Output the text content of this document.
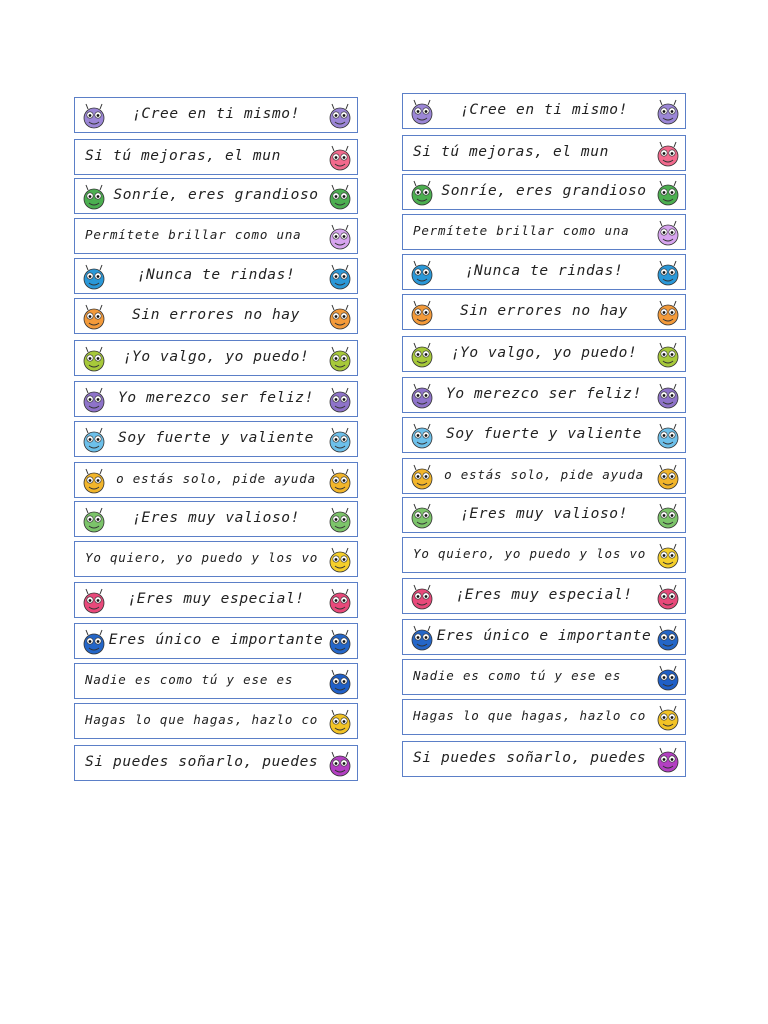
¡Cree en ti mismo!
Si tú mejoras, el mun
Sonríe, eres grandioso
Permítete brillar como una
¡Nunca te rindas!
Sin errores no hay
¡Yo valgo, yo puedo!
Yo merezco ser feliz!
Soy fuerte y valiente
o estás solo, pide ayuda
¡Eres muy valioso!
Yo quiero, yo puedo y los vo
¡Eres muy especial!
Eres único e importante
Nadie es como tú y ese es
Hagas lo que hagas, hazlo co
Si puedes soñarlo, puedes
¡Cree en ti mismo!
Si tú mejoras, el mun
Sonríe, eres grandioso
Permítete brillar como una
¡Nunca te rindas!
Sin errores no hay
¡Yo valgo, yo puedo!
Yo merezco ser feliz!
Soy fuerte y valiente
o estás solo, pide ayuda
¡Eres muy valioso!
Yo quiero, yo puedo y los vo
¡Eres muy especial!
Eres único e importante
Nadie es como tú y ese es
Hagas lo que hagas, hazlo co
Si puedes soñarlo, puedes
